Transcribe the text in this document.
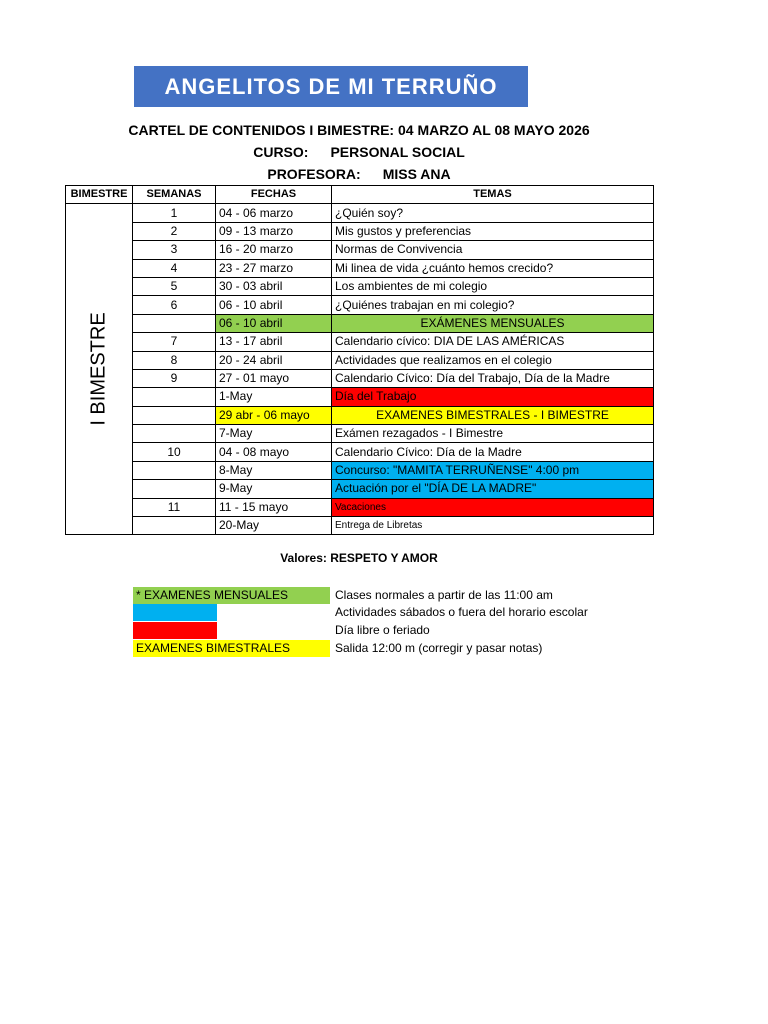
ANGELITOS DE MI TERRUÑO
CARTEL DE CONTENIDOS I BIMESTRE: 04 MARZO AL 08 MAYO 2026
CURSO: PERSONAL SOCIAL
PROFESORA: MISS ANA
BIMESTRE	SEMANAS	FECHAS	TEMAS

I BIMESTRE	1	04 - 06 marzo	¿Quién soy?
	2	09 - 13 marzo	Mis gustos y preferencias
	3	16 - 20 marzo	Normas de Convivencia
	4	23 - 27 marzo	Mi linea de vida ¿cuánto hemos crecido?
	5	30 - 03 abril	Los ambientes de mi colegio
	6	06 - 10 abril	¿Quiénes trabajan en mi colegio?
		06 - 10 abril	EXÁMENES MENSUALES
	7	13 - 17 abril	Calendario cívico: DIA DE LAS AMÉRICAS
	8	20 - 24 abril	Actividades que realizamos en el colegio
	9	27 - 01 mayo	Calendario Cívico: Día del Trabajo, Día de la Madre
		1-May	Día del Trabajo
		29 abr - 06 mayo	EXAMENES BIMESTRALES - I BIMESTRE
		7-May	Exámen rezagados - I Bimestre
	10	04 - 08 mayo	Calendario Cívico: Día de la Madre
		8-May	Concurso: "MAMITA TERRUÑENSE" 4:00 pm
		9-May	Actuación por el "DÍA DE LA MADRE"
	11	11 - 15 mayo	Vacaciones
		20-May	Entrega de Libretas
Valores: RESPETO Y AMOR
* EXAMENES MENSUALES	Clases normales a partir de las 11:00 am
Actividades sábados o fuera del horario escolar
Día libre o feriado
EXAMENES BIMESTRALES	Salida 12:00 m (corregir y pasar notas)
